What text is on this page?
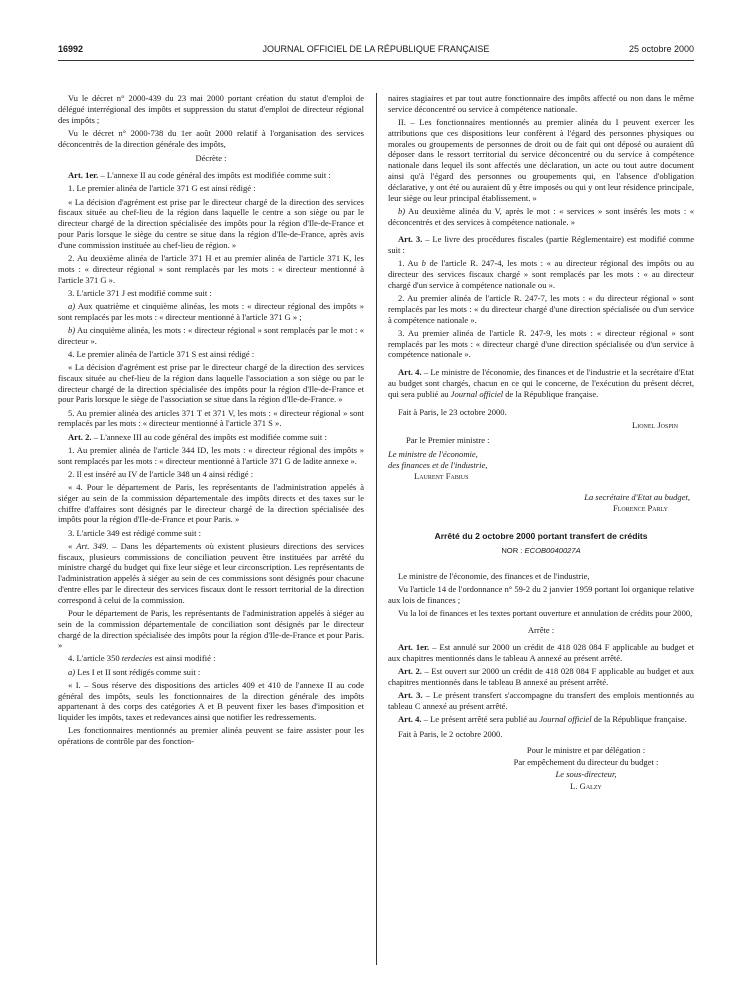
16992	JOURNAL OFFICIEL DE LA RÉPUBLIQUE FRANÇAISE	25 octobre 2000

Vu le décret n° 2000-439 du 23 mai 2000 portant création du statut d'emploi de délégué interrégional des impôts et suppression du statut d'emploi de directeur régional des impôts ;

Vu le décret n° 2000-738 du 1er août 2000 relatif à l'organisation des services déconcentrés de la direction générale des impôts,

Décrète :

Art. 1er. – L'annexe II au code général des impôts est modifiée comme suit :

1. Le premier alinéa de l'article 371 G est ainsi rédigé :

« La décision d'agrément est prise par le directeur chargé de la direction des services fiscaux située au chef-lieu de la région dans laquelle le centre a son siège ou par le directeur chargé de la direction spécialisée des impôts pour la région d'Ile-de-France et pour Paris lorsque le siège du centre se situe dans la région d'Ile-de-France, après avis d'une commission instituée au chef-lieu de région. »

2. Au deuxième alinéa de l'article 371 H et au premier alinéa de l'article 371 K, les mots : « directeur régional » sont remplacés par les mots : « directeur mentionné à l'article 371 G ».

3. L'article 371 J est modifié comme suit :

a) Aux quatrième et cinquième alinéas, les mots : « directeur régional des impôts » sont remplacés par les mots : « directeur mentionné à l'article 371 G » ;

b) Au cinquième alinéa, les mots : « directeur régional » sont remplacés par le mot : « directeur ».

4. Le premier alinéa de l'article 371 S est ainsi rédigé :

« La décision d'agrément est prise par le directeur chargé de la direction des services fiscaux située au chef-lieu de la région dans laquelle l'association a son siège ou par le directeur chargé de la direction spécialisée des impôts pour la région d'Ile-de-France et pour Paris lorsque le siège de l'association se situe dans la région d'Ile-de-France. »

5. Au premier alinéa des articles 371 T et 371 V, les mots : « directeur régional » sont remplacés par les mots : « directeur mentionné à l'article 371 S ».

Art. 2. – L'annexe III au code général des impôts est modifiée comme suit :

1. Au premier alinéa de l'article 344 ID, les mots : « directeur régional des impôts » sont remplacés par les mots : « directeur mentionné à l'article 371 G de ladite annexe ».

2. Il est inséré au IV de l'article 348 un 4 ainsi rédigé :

« 4. Pour le département de Paris, les représentants de l'administration appelés à siéger au sein de la commission départementale des impôts directs et des taxes sur le chiffre d'affaires sont désignés par le directeur chargé de la direction spécialisée des impôts pour la région d'Ile-de-France et pour Paris. »

3. L'article 349 est rédigé comme suit :

« Art. 349. – Dans les départements où existent plusieurs directions des services fiscaux, plusieurs commissions de conciliation peuvent être instituées par arrêté du ministre chargé du budget qui fixe leur siège et leur circonscription. Les représentants de l'administration appelés à siéger au sein de ces commissions sont désignés pour chacune d'entre elles par le directeur des services fiscaux dont le ressort territorial de la direction correspond à celui de la commission.

Pour le département de Paris, les représentants de l'administration appelés à siéger au sein de la commission départementale de conciliation sont désignés par le directeur chargé de la direction spécialisée des impôts pour la région d'Ile-de-France et pour Paris. »

4. L'article 350 terdecies est ainsi modifié :

a) Les I et II sont rédigés comme suit :

« I. – Sous réserve des dispositions des articles 409 et 410 de l'annexe II au code général des impôts, seuls les fonctionnaires de la direction générale des impôts appartenant à des corps des catégories A et B peuvent fixer les bases d'imposition et liquider les impôts, taxes et redevances ainsi que notifier les redressements.

Les fonctionnaires mentionnés au premier alinéa peuvent se faire assister pour les opérations de contrôle par des fonction-

naires stagiaires et par tout autre fonctionnaire des impôts affecté ou non dans le même service déconcentré ou service à compétence nationale.

II. – Les fonctionnaires mentionnés au premier alinéa du I peuvent exercer les attributions que ces dispositions leur confèrent à l'égard des personnes physiques ou morales ou groupements de personnes de droit ou de fait qui ont déposé ou auraient dû déposer dans le ressort territorial du service déconcentré ou du service à compétence nationale dans lequel ils sont affectés une déclaration, un acte ou tout autre document ainsi qu'à l'égard des personnes ou groupements qui, en l'absence d'obligation déclarative, y ont été ou auraient dû y être imposés ou qui y ont leur résidence principale, leur siège ou leur principal établissement. »

b) Au deuxième alinéa du V, après le mot : « services » sont insérés les mots : « déconcentrés et des services à compétence nationale. »

Art. 3. – Le livre des procédures fiscales (partie Réglementaire) est modifié comme suit :

1. Au b de l'article R. 247-4, les mots : « au directeur régional des impôts ou au directeur des services fiscaux chargé » sont remplacés par les mots : « au directeur chargé d'un service à compétence nationale ou ».

2. Au premier alinéa de l'article R. 247-7, les mots : « du directeur régional » sont remplacés par les mots : « du directeur chargé d'une direction spécialisée ou d'un service à compétence nationale ».

3. Au premier alinéa de l'article R. 247-9, les mots : « directeur régional » sont remplacés par les mots : « directeur chargé d'une direction spécialisée ou d'un service à compétence nationale ».

Art. 4. – Le ministre de l'économie, des finances et de l'industrie et la secrétaire d'Etat au budget sont chargés, chacun en ce qui le concerne, de l'exécution du présent décret, qui sera publié au Journal officiel de la République française.

Fait à Paris, le 23 octobre 2000.

Lionel Jospin

Par le Premier ministre :

Le ministre de l'économie,

des finances et de l'industrie,

Laurent Fabius

La secrétaire d'Etat au budget,

Florence Parly

Arrêté du 2 octobre 2000 portant transfert de crédits

NOR : ECOB0040027A

Le ministre de l'économie, des finances et de l'industrie,

Vu l'article 14 de l'ordonnance n° 59-2 du 2 janvier 1959 portant loi organique relative aux lois de finances ;

Vu la loi de finances et les textes portant ouverture et annulation de crédits pour 2000,

Arrête :

Art. 1er. – Est annulé sur 2000 un crédit de 418 028 084 F applicable au budget et aux chapitres mentionnés dans le tableau A annexé au présent arrêté.

Art. 2. – Est ouvert sur 2000 un crédit de 418 028 084 F applicable au budget et aux chapitres mentionnés dans le tableau B annexé au présent arrêté.

Art. 3. – Le présent transfert s'accompagne du transfert des emplois mentionnés au tableau C annexé au présent arrêté.

Art. 4. – Le présent arrêté sera publié au Journal officiel de la République française.

Fait à Paris, le 2 octobre 2000.

Pour le ministre et par délégation :

Par empêchement du directeur du budget :

Le sous-directeur,

L. Galzy
